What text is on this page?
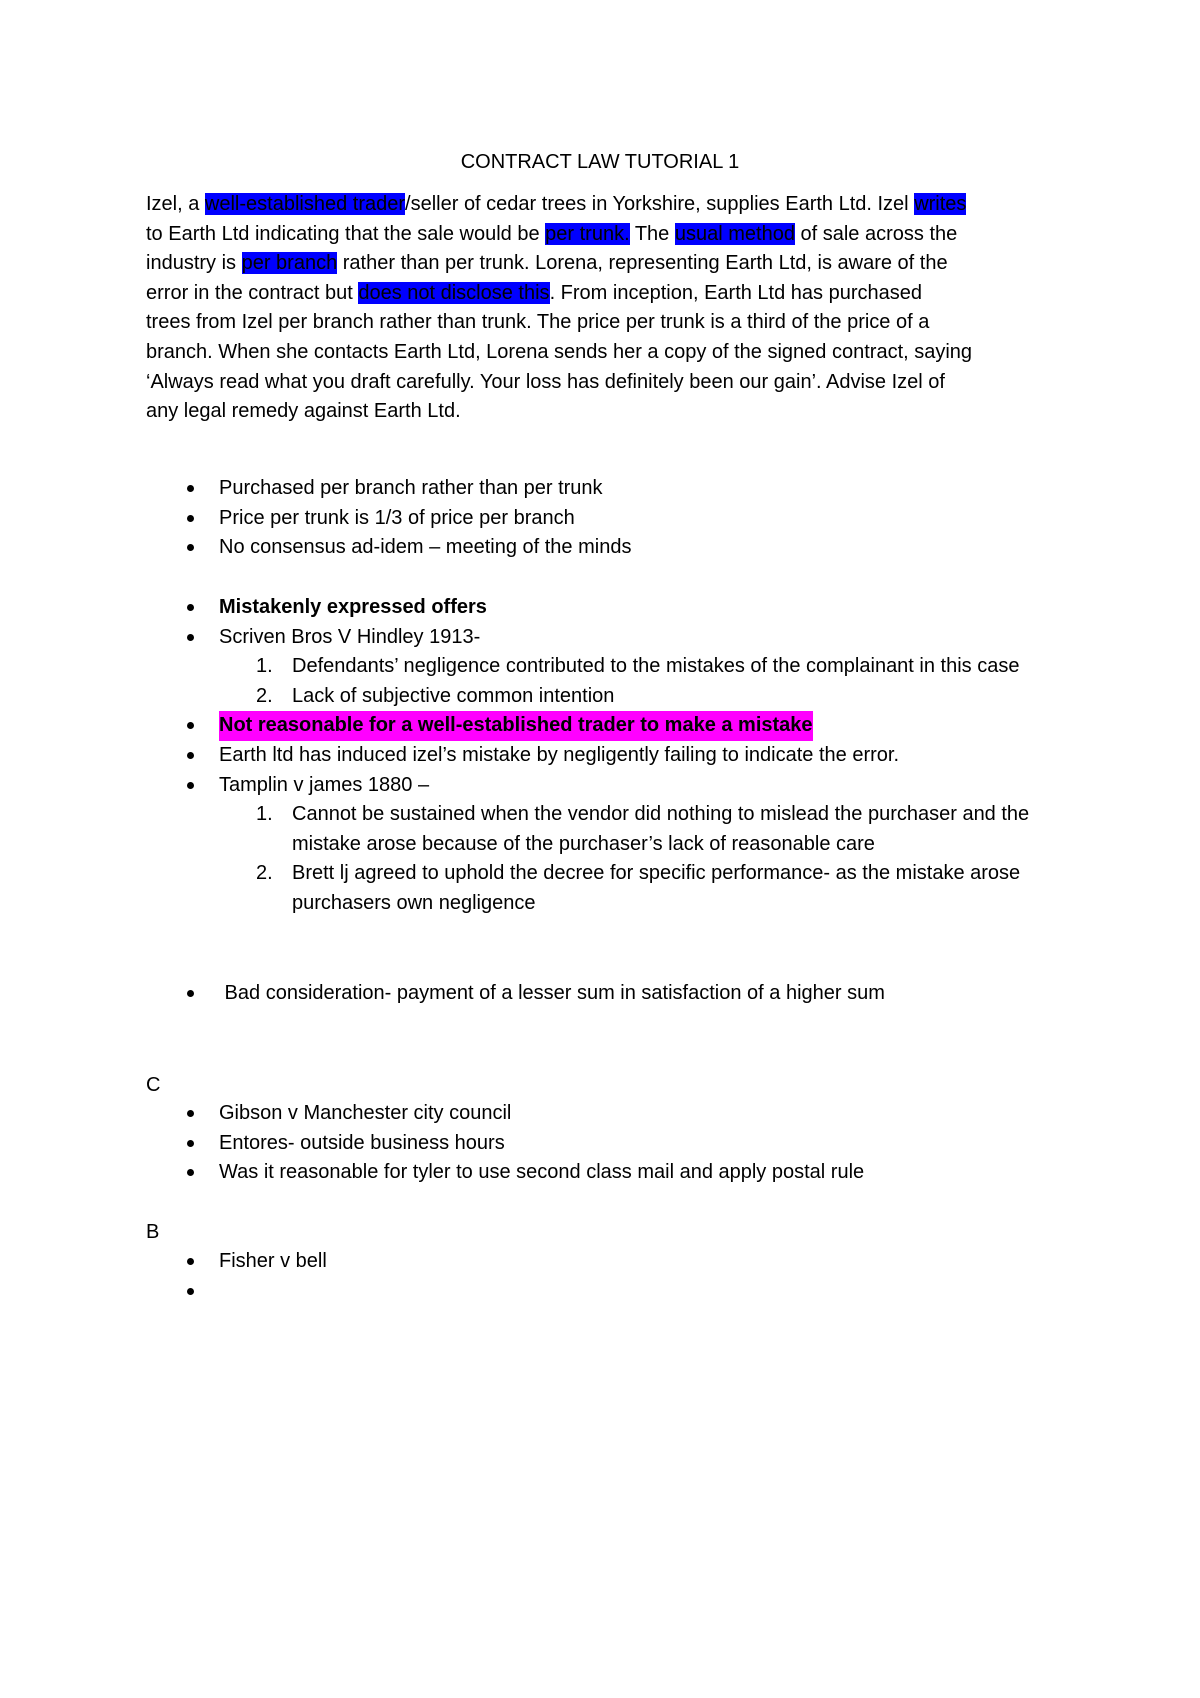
CONTRACT LAW TUTORIAL 1
Izel, a well-established trader/seller of cedar trees in Yorkshire, supplies Earth Ltd. Izel writes
to Earth Ltd indicating that the sale would be per trunk. The usual method of sale across the
industry is per branch rather than per trunk. Lorena, representing Earth Ltd, is aware of the
error in the contract but does not disclose this. From inception, Earth Ltd has purchased
trees from Izel per branch rather than trunk. The price per trunk is a third of the price of a
branch. When she contacts Earth Ltd, Lorena sends her a copy of the signed contract, saying
‘Always read what you draft carefully. Your loss has definitely been our gain’. Advise Izel of
any legal remedy against Earth Ltd.
Purchased per branch rather than per trunk
Price per trunk is 1/3 of price per branch
No consensus ad-idem – meeting of the minds
Mistakenly expressed offers
Scriven Bros V Hindley 1913-
1. Defendants’ negligence contributed to the mistakes of the complainant in this case
2. Lack of subjective common intention
Not reasonable for a well-established trader to make a mistake
Earth ltd has induced izel’s mistake by negligently failing to indicate the error.
Tamplin v james 1880 –
1. Cannot be sustained when the vendor did nothing to mislead the purchaser and the mistake arose because of the purchaser’s lack of reasonable care
2. Brett lj agreed to uphold the decree for specific performance- as the mistake arose purchasers own negligence
Bad consideration- payment of a lesser sum in satisfaction of a higher sum
C
Gibson v Manchester city council
Entores- outside business hours
Was it reasonable for tyler to use second class mail and apply postal rule
B
Fisher v bell
